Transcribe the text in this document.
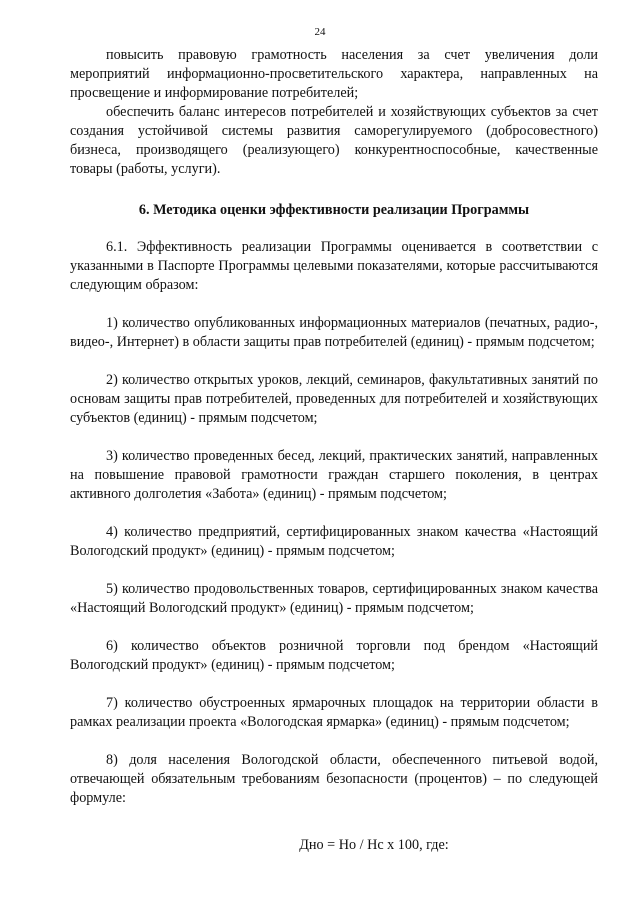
24

повысить правовую грамотность населения за счет увеличения доли мероприятий информационно-просветительского характера, направленных на просвещение и информирование потребителей;

обеспечить баланс интересов потребителей и хозяйствующих субъектов за счет создания устойчивой системы развития саморегулируемого (добросовестного) бизнеса, производящего (реализующего) конкурентноспособные, качественные товары (работы, услуги).

6. Методика оценки эффективности реализации Программы

6.1. Эффективность реализации Программы оценивается в соответствии с указанными в Паспорте Программы целевыми показателями, которые рассчитываются следующим образом:

1) количество опубликованных информационных материалов (печатных, радио-, видео-, Интернет) в области защиты прав потребителей (единиц) - прямым подсчетом;

2) количество открытых уроков, лекций, семинаров, факультативных занятий по основам защиты прав потребителей, проведенных для потребителей и хозяйствующих субъектов (единиц) - прямым подсчетом;

3) количество проведенных бесед, лекций, практических занятий, направленных на повышение правовой грамотности граждан старшего поколения, в центрах активного долголетия «Забота» (единиц) - прямым подсчетом;

4) количество предприятий, сертифицированных знаком качества «Настоящий Вологодский продукт» (единиц) - прямым подсчетом;

5) количество продовольственных товаров, сертифицированных знаком качества «Настоящий Вологодский продукт» (единиц) - прямым подсчетом;

6) количество объектов розничной торговли под брендом «Настоящий Вологодский продукт» (единиц) - прямым подсчетом;

7) количество обустроенных ярмарочных площадок на территории области в рамках реализации проекта «Вологодская ярмарка» (единиц) - прямым подсчетом;

8) доля населения Вологодской области, обеспеченного питьевой водой, отвечающей обязательным требованиям безопасности (процентов) – по следующей формуле:

Дно = Но / Нс х 100, где:
